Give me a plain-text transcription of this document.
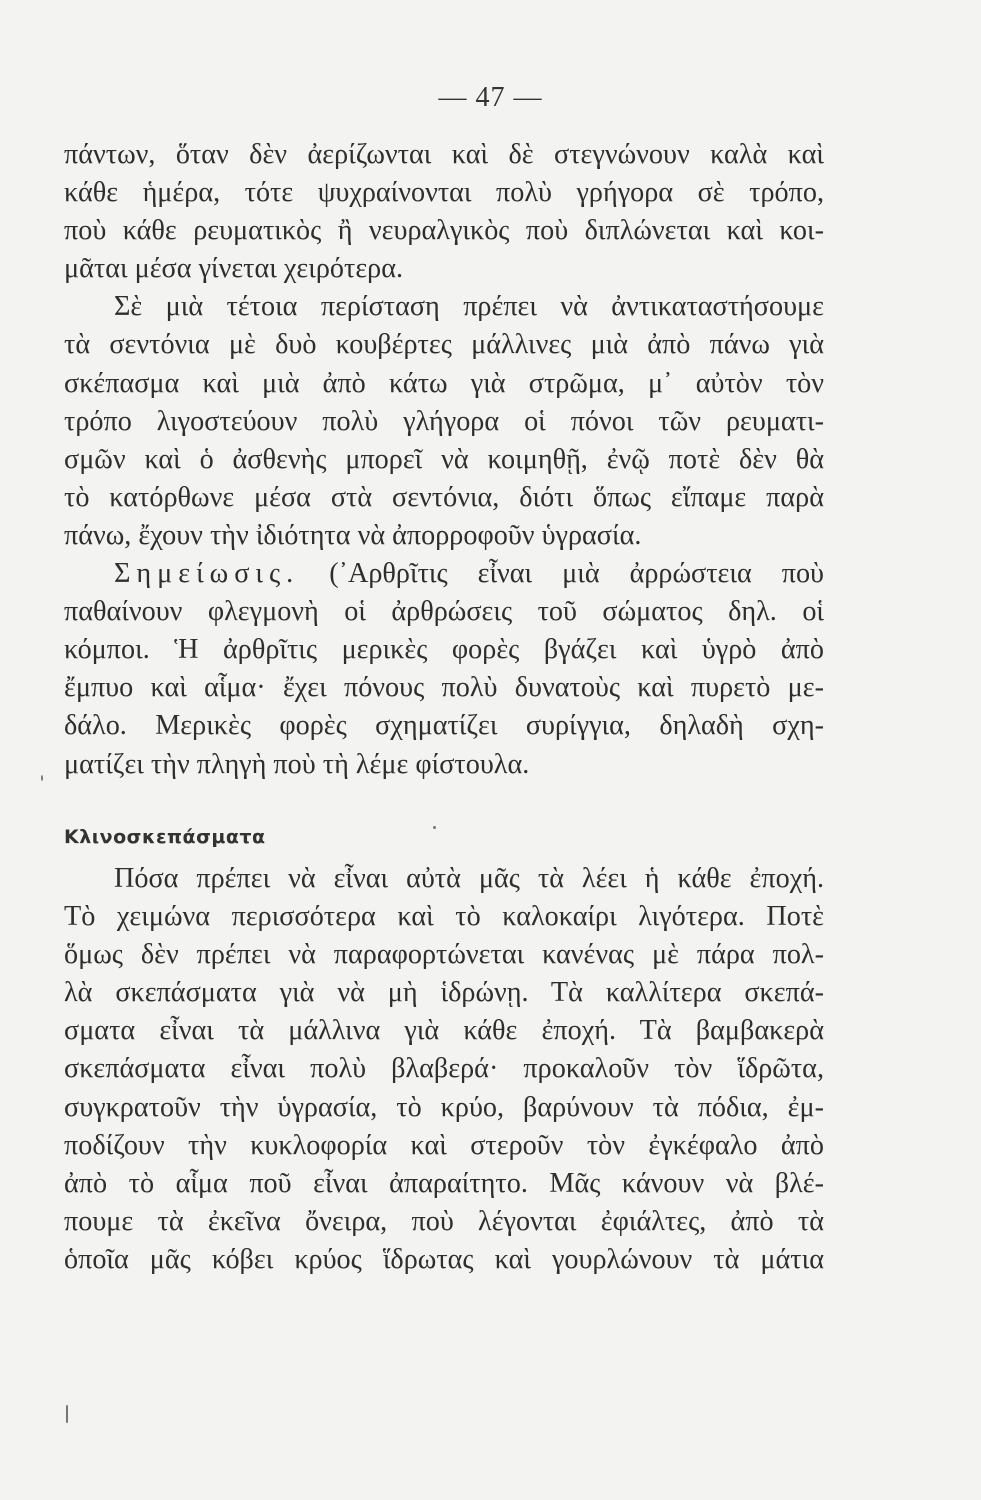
— 47 —
πάντων, ὅταν δὲν ἀερίζωνται καὶ δὲ στεγνώνουν καλὰ καὶ
κάθε ἡμέρα, τότε ψυχραίνονται πολὺ γρήγορα σὲ τρόπο,
ποὺ κάθε ρευματικὸς ἢ νευραλγικὸς ποὺ διπλώνεται καὶ κοι-
μᾶται μέσα γίνεται χειρότερα.
Σὲ μιὰ τέτοια περίσταση πρέπει νὰ ἀντικαταστήσουμε
τὰ σεντόνια μὲ δυὸ κουβέρτες μάλλινες μιὰ ἀπὸ πάνω γιὰ
σκέπασμα καὶ μιὰ ἀπὸ κάτω γιὰ στρῶμα, μ᾿ αὐτὸν τὸν
τρόπο λιγοστεύουν πολὺ γλήγορα οἱ πόνοι τῶν ρευματι-
σμῶν καὶ ὁ ἀσθενὴς μπορεῖ νὰ κοιμηθῇ, ἐνῷ ποτὲ δὲν θὰ
τὸ κατόρθωνε μέσα στὰ σεντόνια, διότι ὅπως εἴπαμε παρὰ
πάνω, ἔχουν τὴν ἰδιότητα νὰ ἀπορροφοῦν ὑγρασία.
Σημείωσις. (᾿Αρθρῖτις εἶναι μιὰ ἀρρώστεια ποὺ
παθαίνουν φλεγμονὴ οἱ ἀρθρώσεις τοῦ σώματος δηλ. οἱ
κόμποι. Ἡ ἀρθρῖτις μερικὲς φορὲς βγάζει καὶ ὑγρὸ ἀπὸ
ἔμπυο καὶ αἷμα· ἔχει πόνους πολὺ δυνατοὺς καὶ πυρετὸ με-
δάλο. Μερικὲς φορὲς σχηματίζει συρίγγια, δηλαδὴ σχη-
ματίζει τὴν πληγὴ ποὺ τὴ λέμε φίστουλα.
Κλινοσκεπάσματα
Πόσα πρέπει νὰ εἶναι αὐτὰ μᾶς τὰ λέει ἡ κάθε ἐποχή.
Τὸ χειμώνα περισσότερα καὶ τὸ καλοκαίρι λιγότερα. Ποτὲ
ὅμως δὲν πρέπει νὰ παραφορτώνεται κανένας μὲ πάρα πολ-
λὰ σκεπάσματα γιὰ νὰ μὴ ἱδρώνῃ. Τὰ καλλίτερα σκεπά-
σματα εἶναι τὰ μάλλινα γιὰ κάθε ἐποχή. Τὰ βαμβακερὰ
σκεπάσματα εἶναι πολὺ βλαβερά· προκαλοῦν τὸν ἵδρῶτα,
συγκρατοῦν τὴν ὑγρασία, τὸ κρύο, βαρύνουν τὰ πόδια, ἐμ-
ποδίζουν τὴν κυκλοφορία καὶ στεροῦν τὸν ἐγκέφαλο ἀπὸ
ἀπὸ τὸ αἷμα ποῦ εἶναι ἀπαραίτητο. Μᾶς κάνουν νὰ βλέ-
πουμε τὰ ἐκεῖνα ὄνειρα, ποὺ λέγονται ἐφιάλτες, ἀπὸ τὰ
ὁποῖα μᾶς κόβει κρύος ἵδρωτας καὶ γουρλώνουν τὰ μάτια
